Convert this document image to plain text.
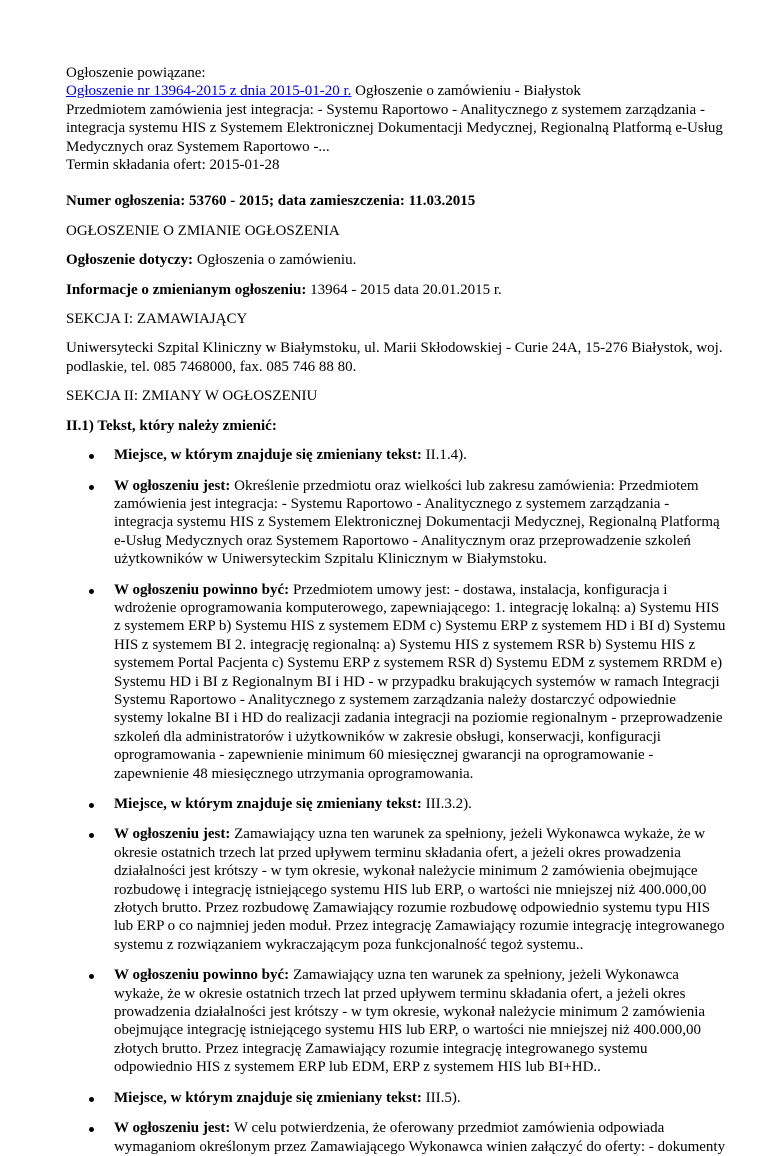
Ogłoszenie powiązane:
Ogłoszenie nr 13964-2015 z dnia 2015-01-20 r. Ogłoszenie o zamówieniu - Białystok
Przedmiotem zamówienia jest integracja: - Systemu Raportowo - Analitycznego z systemem zarządzania - integracja systemu HIS z Systemem Elektronicznej Dokumentacji Medycznej, Regionalną Platformą e-Usług Medycznych oraz Systemem Raportowo -...
Termin składania ofert: 2015-01-28

Numer ogłoszenia: 53760 - 2015; data zamieszczenia: 11.03.2015

OGŁOSZENIE O ZMIANIE OGŁOSZENIA

Ogłoszenie dotyczy: Ogłoszenia o zamówieniu.

Informacje o zmienianym ogłoszeniu: 13964 - 2015 data 20.01.2015 r.

SEKCJA I: ZAMAWIAJĄCY

Uniwersytecki Szpital Kliniczny w Białymstoku, ul. Marii Skłodowskiej - Curie 24A, 15-276 Białystok, woj. podlaskie, tel. 085 7468000, fax. 085 746 88 80.

SEKCJA II: ZMIANY W OGŁOSZENIU

II.1) Tekst, który należy zmienić:

Miejsce, w którym znajduje się zmieniany tekst: II.1.4).
W ogłoszeniu jest: Określenie przedmiotu oraz wielkości lub zakresu zamówienia: Przedmiotem zamówienia jest integracja: - Systemu Raportowo - Analitycznego z systemem zarządzania - integracja systemu HIS z Systemem Elektronicznej Dokumentacji Medycznej, Regionalną Platformą e-Usług Medycznych oraz Systemem Raportowo - Analitycznym oraz przeprowadzenie szkoleń użytkowników w Uniwersyteckim Szpitalu Klinicznym w Białymstoku.
W ogłoszeniu powinno być: Przedmiotem umowy jest: - dostawa, instalacja, konfiguracja i wdrożenie oprogramowania komputerowego, zapewniającego: 1. integrację lokalną: a) Systemu HIS z systemem ERP b) Systemu HIS z systemem EDM c) Systemu ERP z systemem HD i BI d) Systemu HIS z systemem BI 2. integrację regionalną: a) Systemu HIS z systemem RSR b) Systemu HIS z systemem Portal Pacjenta c) Systemu ERP z systemem RSR d) Systemu EDM z systemem RRDM e) Systemu HD i BI z Regionalnym BI i HD - w przypadku brakujących systemów w ramach Integracji Systemu Raportowo - Analitycznego z systemem zarządzania należy dostarczyć odpowiednie systemy lokalne BI i HD do realizacji zadania integracji na poziomie regionalnym - przeprowadzenie szkoleń dla administratorów i użytkowników w zakresie obsługi, konserwacji, konfiguracji oprogramowania - zapewnienie minimum 60 miesięcznej gwarancji na oprogramowanie - zapewnienie 48 miesięcznego utrzymania oprogramowania.
Miejsce, w którym znajduje się zmieniany tekst: III.3.2).
W ogłoszeniu jest: Zamawiający uzna ten warunek za spełniony, jeżeli Wykonawca wykaże, że w okresie ostatnich trzech lat przed upływem terminu składania ofert, a jeżeli okres prowadzenia działalności jest krótszy - w tym okresie, wykonał należycie minimum 2 zamówienia obejmujące rozbudowę i integrację istniejącego systemu HIS lub ERP, o wartości nie mniejszej niż 400.000,00 złotych brutto. Przez rozbudowę Zamawiający rozumie rozbudowę odpowiednio systemu typu HIS lub ERP o co najmniej jeden moduł. Przez integrację Zamawiający rozumie integrację integrowanego systemu z rozwiązaniem wykraczającym poza funkcjonalność tegoż systemu..
W ogłoszeniu powinno być: Zamawiający uzna ten warunek za spełniony, jeżeli Wykonawca wykaże, że w okresie ostatnich trzech lat przed upływem terminu składania ofert, a jeżeli okres prowadzenia działalności jest krótszy - w tym okresie, wykonał należycie minimum 2 zamówienia obejmujące integrację istniejącego systemu HIS lub ERP, o wartości nie mniejszej niż 400.000,00 złotych brutto. Przez integrację Zamawiający rozumie integrację integrowanego systemu odpowiednio HIS z systemem ERP lub EDM, ERP z systemem HIS lub BI+HD..
Miejsce, w którym znajduje się zmieniany tekst: III.5).
W ogłoszeniu jest: W celu potwierdzenia, że oferowany przedmiot zamówienia odpowiada wymaganiom określonym przez Zamawiającego Wykonawca winien załączyć do oferty: - dokumenty
